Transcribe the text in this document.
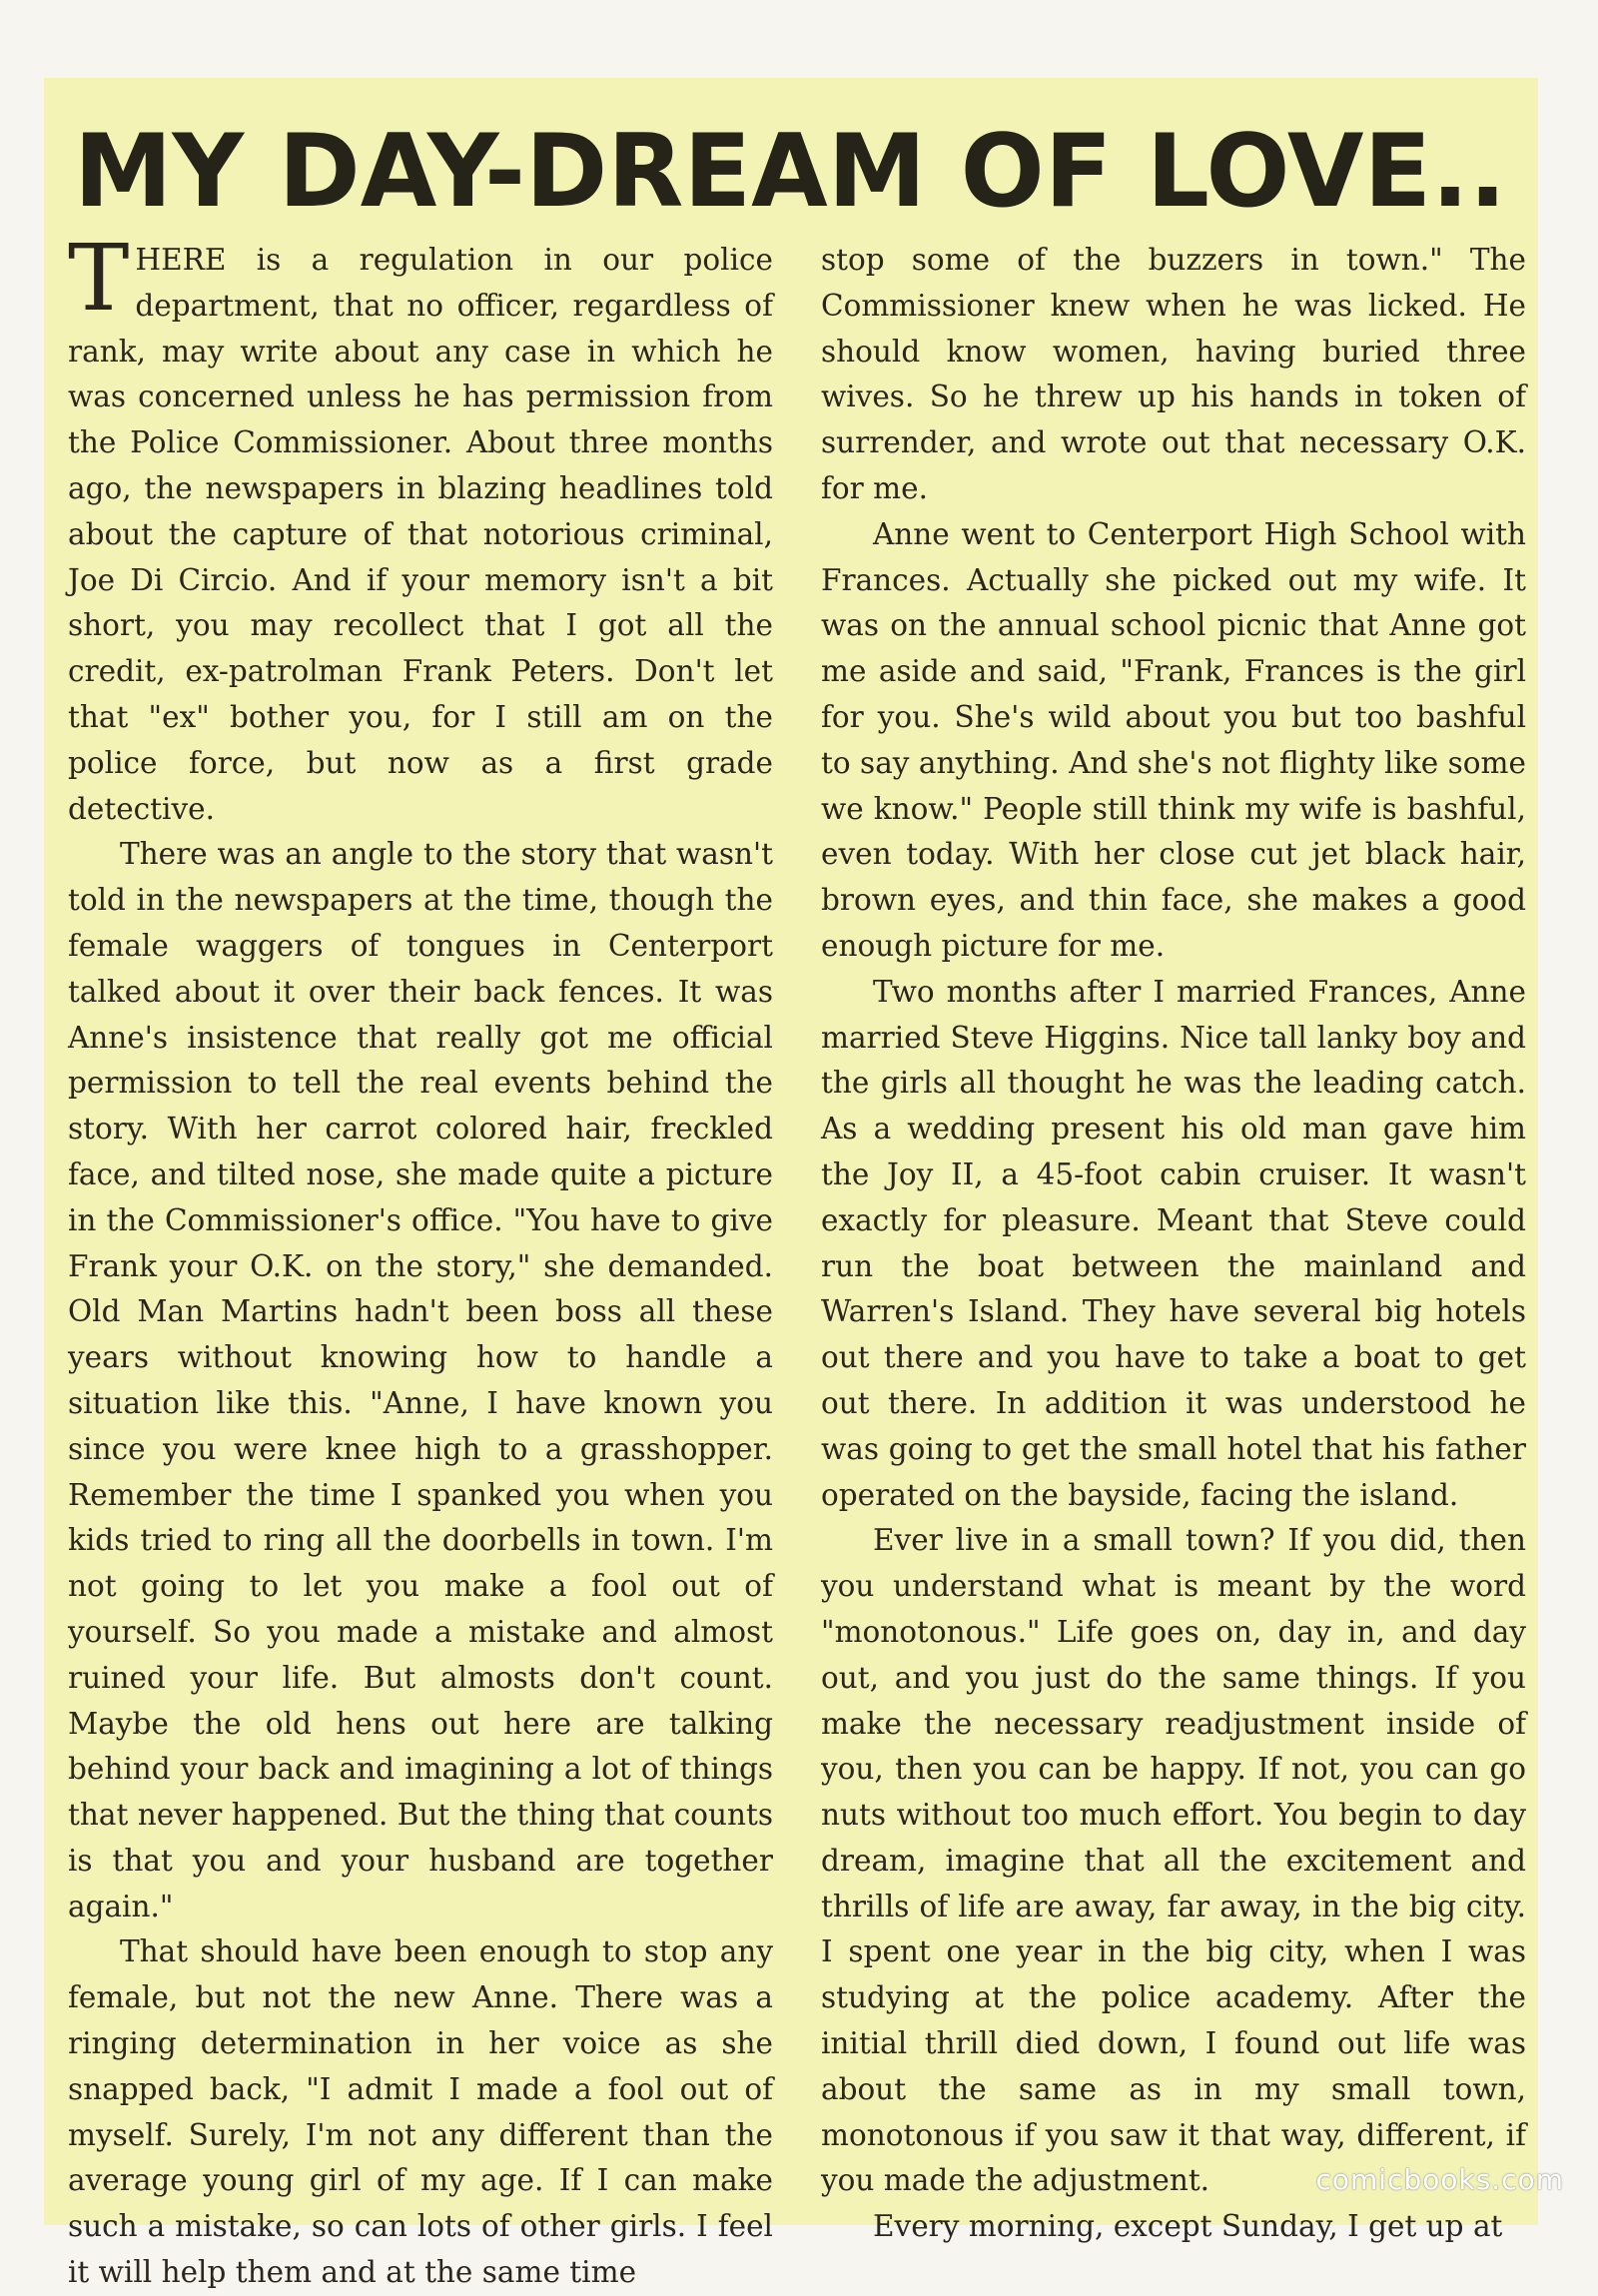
MY DAY-DREAM OF LOVE..

THERE is a regulation in our police department, that no officer, regardless of rank, may write about any case in which he was concerned unless he has permission from the Police Commissioner. About three months ago, the newspapers in blazing headlines told about the capture of that notorious criminal, Joe Di Circio. And if your memory isn't a bit short, you may recollect that I got all the credit, ex-patrolman Frank Peters. Don't let that "ex" bother you, for I still am on the police force, but now as a first grade detective.

There was an angle to the story that wasn't told in the newspapers at the time, though the female waggers of tongues in Centerport talked about it over their back fences. It was Anne's insistence that really got me official permission to tell the real events behind the story. With her carrot colored hair, freckled face, and tilted nose, she made quite a picture in the Commissioner's office. "You have to give Frank your O.K. on the story," she demanded. Old Man Martins hadn't been boss all these years without knowing how to handle a situation like this. "Anne, I have known you since you were knee high to a grasshopper. Remember the time I spanked you when you kids tried to ring all the doorbells in town. I'm not going to let you make a fool out of yourself. So you made a mistake and almost ruined your life. But almosts don't count. Maybe the old hens out here are talking behind your back and imagining a lot of things that never happened. But the thing that counts is that you and your husband are together again."

That should have been enough to stop any female, but not the new Anne. There was a ringing determination in her voice as she snapped back, "I admit I made a fool out of myself. Surely, I'm not any different than the average young girl of my age. If I can make such a mistake, so can lots of other girls. I feel it will help them and at the same time

stop some of the buzzers in town." The Commissioner knew when he was licked. He should know women, having buried three wives. So he threw up his hands in token of surrender, and wrote out that necessary O.K. for me.

Anne went to Centerport High School with Frances. Actually she picked out my wife. It was on the annual school picnic that Anne got me aside and said, "Frank, Frances is the girl for you. She's wild about you but too bashful to say anything. And she's not flighty like some we know." People still think my wife is bashful, even today. With her close cut jet black hair, brown eyes, and thin face, she makes a good enough picture for me.

Two months after I married Frances, Anne married Steve Higgins. Nice tall lanky boy and the girls all thought he was the leading catch. As a wedding present his old man gave him the Joy II, a 45-foot cabin cruiser. It wasn't exactly for pleasure. Meant that Steve could run the boat between the mainland and Warren's Island. They have several big hotels out there and you have to take a boat to get out there. In addition it was understood he was going to get the small hotel that his father operated on the bayside, facing the island.

Ever live in a small town? If you did, then you understand what is meant by the word "monotonous." Life goes on, day in, and day out, and you just do the same things. If you make the necessary readjustment inside of you, then you can be happy. If not, you can go nuts without too much effort. You begin to day dream, imagine that all the excitement and thrills of life are away, far away, in the big city. I spent one year in the big city, when I was studying at the police academy. After the initial thrill died down, I found out life was about the same as in my small town, monotonous if you saw it that way, different, if you made the adjustment.

Every morning, except Sunday, I get up at

comicbooks.com
